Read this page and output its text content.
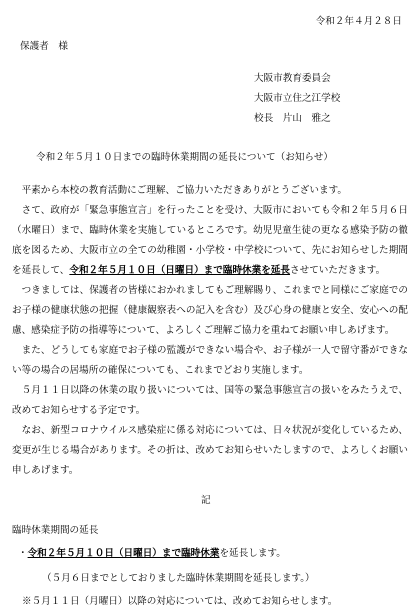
令和２年４月２８日
保護者　様
大阪市教育委員会
大阪市立住之江学校
校長　片山　雅之
令和２年５月１０日までの臨時休業期間の延長について（お知らせ）
平素から本校の教育活動にご理解、ご協力いただきありがとうございます。
さて、政府が「緊急事態宣言」を行ったことを受け、大阪市においても令和２年５月６日（水曜日）まで、臨時休業を実施しているところです。幼児児童生徒の更なる感染予防の徹底を図るため、大阪市立の全ての幼稚園・小学校・中学校について、先にお知らせした期間を延長して、令和２年５月１０日（日曜日）まで臨時休業を延長させていただきます。
つきましては、保護者の皆様におかれましてもご理解賜り、これまでと同様にご家庭でのお子様の健康状態の把握（健康観察表への記入を含む）及び心身の健康と安全、安心への配慮、感染症予防の指導等について、よろしくご理解ご協力を重ねてお願い申しあげます。
また、どうしても家庭でお子様の監護ができない場合や、お子様が一人で留守番ができない等の場合の居場所の確保についても、これまでどおり実施します。
５月１１日以降の休業の取り扱いについては、国等の緊急事態宣言の扱いをみたうえで、改めてお知らせする予定です。
なお、新型コロナウイルス感染症に係る対応については、日々状況が変化しているため、変更が生じる場合があります。その折は、改めてお知らせいたしますので、よろしくお願い申しあげます。
記
臨時休業期間の延長
・令和２年５月１０日（日曜日）まで臨時休業を延長します。
（５月６日までとしておりました臨時休業期間を延長します。）
※５月１１日（月曜日）以降の対応については、改めてお知らせします。
